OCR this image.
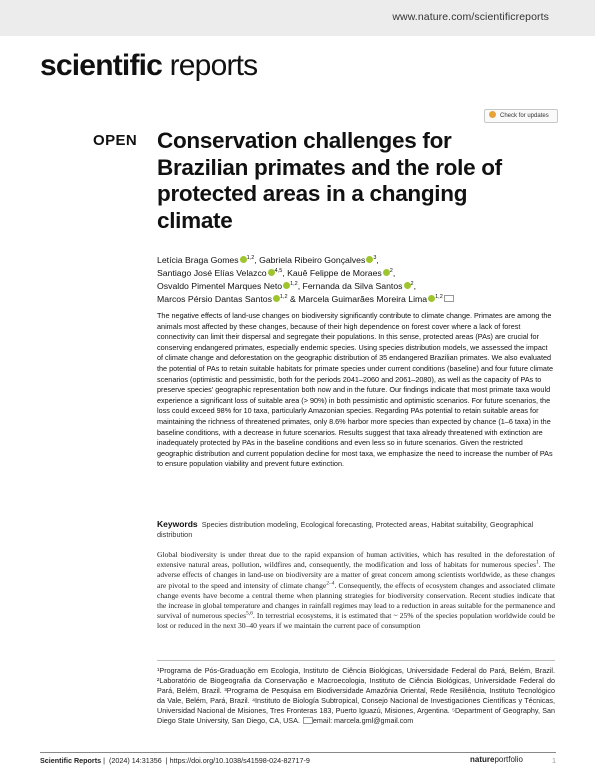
www.nature.com/scientificreports
scientific reports
Check for updates
OPEN Conservation challenges for Brazilian primates and the role of protected areas in a changing climate
Letícia Braga Gomes $^{1,2}$, Gabriela Ribeiro Gonçalves $^3$,
Santiago José Elías Velazco $^{4,5}$, Kauê Felippe de Moraes $^2$,
Osvaldo Pimentel Marques Neto $^{1,2}$, Fernanda da Silva Santos $^2$,
Marcos Pérsio Dantas Santos $^{1,2}$ & Marcela Guimarães Moreira Lima $^{1,2}$
The negative effects of land-use changes on biodiversity significantly contribute to climate change. Primates are among the animals most affected by these changes, because of their high dependence on forest cover where a lack of forest connectivity can limit their dispersal and segregate their populations. In this sense, protected areas (PAs) are crucial for conserving endangered primates, especially endemic species. Using species distribution models, we assessed the impact of climate change and deforestation on the geographic distribution of 35 endangered Brazilian primates. We also evaluated the potential of PAs to retain suitable habitats for primate species under current conditions (baseline) and four future climate scenarios (optimistic and pessimistic, both for the periods 2041–2060 and 2061–2080), as well as the capacity of PAs to preserve species' geographic representation both now and in the future. Our findings indicate that most primate taxa would experience a significant loss of suitable area (> 90%) in both pessimistic and optimistic scenarios. For future scenarios, the loss could exceed 98% for 10 taxa, particularly Amazonian species. Regarding PAs potential to retain suitable areas for maintaining the richness of threatened primates, only 8.6% harbor more species than expected by chance (1–6 taxa) in the baseline conditions, with a decrease in future scenarios. Results suggest that taxa already threatened with extinction are inadequately protected by PAs in the baseline conditions and even less so in future scenarios. Given the restricted geographic distribution and current population decline for most taxa, we emphasize the need to increase the number of PAs to ensure population viability and prevent future extinction.
Keywords Species distribution modeling, Ecological forecasting, Protected areas, Habitat suitability, Geographical distribution
Global biodiversity is under threat due to the rapid expansion of human activities, which has resulted in the deforestation of extensive natural areas, pollution, wildfires and, consequently, the modification and loss of habitats for numerous species$^1$. The adverse effects of changes in land-use on biodiversity are a matter of great concern among scientists worldwide, as these changes are pivotal to the speed and intensity of climate change$^{2-4}$. Consequently, the effects of ecosystem changes and associated climate change events have become a central theme when planning strategies for biodiversity conservation. Recent studies indicate that the increase in global temperature and changes in rainfall regimes may lead to a reduction in areas suitable for the permanence and survival of numerous species$^{5,6}$. In terrestrial ecosystems, it is estimated that ~ 25% of the species population worldwide could be lost or reduced in the next 30–40 years if we maintain the current pace of consumption
¹Programa de Pós-Graduação em Ecologia, Instituto de Ciência Biológicas, Universidade Federal do Pará, Belém, Brazil. ²Laboratório de Biogeografia da Conservação e Macroecologia, Instituto de Ciência Biológicas, Universidade Federal do Pará, Belém, Brazil. ³Programa de Pesquisa em Biodiversidade Amazônia Oriental, Rede Resiliência, Instituto Tecnológico da Vale, Belém, Pará, Brazil. ⁴Instituto de Biología Subtropical, Consejo Nacional de Investigaciones Científicas y Técnicas, Universidad Nacional de Misiones, Tres Fronteras 183, Puerto Iguazú, Misiones, Argentina. ⁵Department of Geography, San Diego State University, San Diego, CA, USA. email: marcela.gml@gmail.com
Scientific Reports |  (2024) 14:31356  | https://doi.org/10.1038/s41598-024-82717-9	natureportfolio	1
